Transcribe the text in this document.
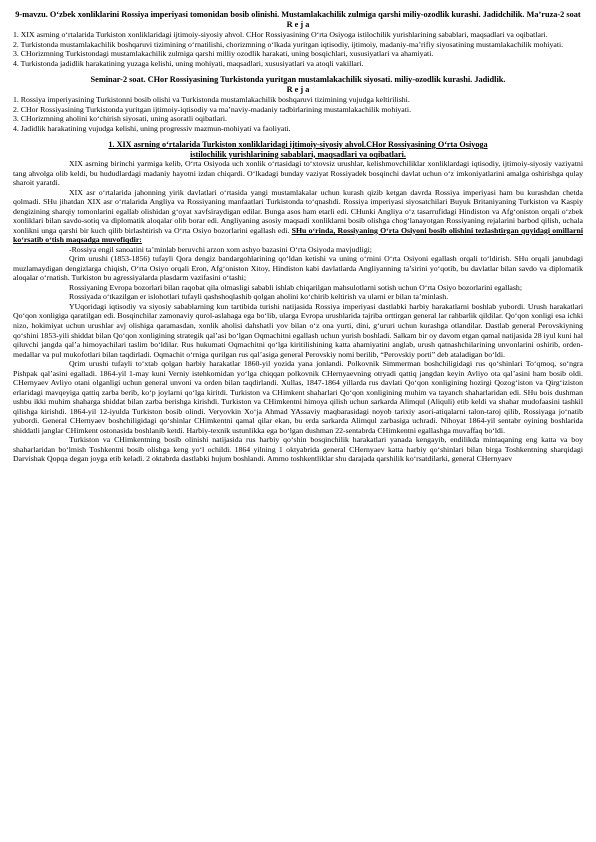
9-mavzu. O‘zbek xonliklarini Rossiya imperiyasi tomonidan bosib olinishi. Mustamlakachilik zulmiga qarshi miliy-ozodlik kurashi. Jadidchilik. Ma’ruza-2 soat

R e j a

1. XIX asrning o‘rtalarida Turkiston xonliklaridagi ijtimoiy-siyosiy ahvol. CHor Rossiyasining O‘rta Osiyoga istilochilik yurishlarining sabablari, maqsadlari va oqibatlari.

2. Turkistonda mustamlakachilik boshqaruvi tizimining o‘rnatilishi, chorizmning o‘lkada yuritgan iqtisodiy, ijtimoiy, madaniy-ma’rifiy siyosatining mustamlakachilik mohiyati.

3. CHorizmning Turkistondagi mustamlakachilik zulmiga qarshi milliy ozodlik harakati, uning bosqichlari, xususiyatlari va ahamiyati.

4. Turkistonda jadidlik harakatining yuzaga kelishi, uning mohiyati, maqsadlari, xususiyatlari va atoqli vakillari.

Seminar-2 soat. CHor Rossiyasining Turkistonda yuritgan mustamlakachilik siyosati. miliy-ozodlik kurashi. Jadidlik.

R e j a

1. Rossiya imperiyasining Turkistonni bosib olishi va Turkistonda mustamlakachilik boshqaruvi tizimining vujudga keltirilishi.

2. CHor Rossiyasining Turkistonda yuritgan ijtimoiy-iqtisodiy va ma’naviy-madaniy tadbirlarining mustamlakachilik mohiyati.

3. CHorizmning aholini ko‘chirish siyosati, uning asoratli oqibatlari.

4. Jadidlik harakatining vujudga kelishi, uning progressiv mazmun-mohiyati va faoliyati.

1. XIX asrning o‘rtalarida Turkiston xonliklaridagi ijtimoiy-siyosiy ahvol.CHor Rossiyasining O‘rta Osiyoga

istilochilik yurishlarining sabablari, maqsadlari va oqibatlari.

XIX asrning birinchi yarmiga kelib, O‘rta Osiyoda uch xonlik o‘rtasidagi to‘xtovsiz urushlar, kelishmovchiliklar xonliklardagi iqtisodiy, ijtimoiy-siyosiy vaziyatni tang ahvolga olib keldi, bu hududlardagi madaniy hayotni izdan chiqardi. O‘lkadagi bunday vaziyat Rossiyadek bosqinchi davlat uchun o‘z imkoniyatlarini amalga oshirishga qulay sharoit yaratdi.

XIX asr o‘rtalarida jahonning yirik davlatlari o‘rtasida yangi mustamlakalar uchun kurash qizib ketgan davrda Rossiya imperiyasi ham bu kurashdan chetda qolmadi. SHu jihatdan XIX asr o‘rtalarida Angliya va Rossiyaning manfaatlari Turkistonda to‘qnashdi. Rossiya imperiyasi siyosatchilari Buyuk Britaniyaning Turkiston va Kaspiy dengizining sharqiy tomonlarini egallab olishidan g‘oyat xavfsiraydigan edilar. Bunga asos ham etarli edi. CHunki Angliya o‘z tasarrufidagi Hindiston va Afg‘oniston orqali o‘zbek xonliklari bilan savdo-sotiq va diplomatik aloqalar olib borar edi. Angliyaning asosiy maqsadi xonliklarni bosib olishga chog‘lanayotgan Rossiyaning rejalarini barbod qilish, uchala xonlikni unga qarshi bir kuch qilib birlashtirish va O‘rta Osiyo bozorlarini egallash edi. SHu o‘rinda, Rossiyaning O‘rta Osiyoni bosib olishini tezlashtirgan quyidagi omillarni ko‘rsatib o‘tish maqsadga muvofiqdir:

-Rossiya engil sanoatini ta’minlab beruvchi arzon xom ashyo bazasini O‘rta Osiyoda mavjudligi;

Qrim urushi (1853-1856) tufayli Qora dengiz bandargohlarining qo‘ldan ketishi va uning o‘rnini O‘rta Osiyoni egallash orqali to‘ldirish. SHu orqali janubdagi muzlamaydigan dengizlarga chiqish, O‘rta Osiyo orqali Eron, Afg‘oniston Xitoy, Hindiston kabi davlatlarda Angliyanning ta’sirini yo‘qotib, bu davlatlar bilan savdo va diplomatik aloqalar o‘rnatish. Turkiston bu agressiyalarda plasdarm vazifasini o‘tashi;

Rossiyaning Evropa bozorlari bilan raqobat qila olmasligi sababli ishlab chiqarilgan mahsulotlarni sotish uchun O‘rta Osiyo bozorlarini egallash;

Rossiyada o‘tkazilgan er islohotlari tufayli qashshoqlashib qolgan aholini ko‘chirib keltirish va ularni er bilan ta’minlash.

YUqoridagi iqtisodiy va siyosiy sabablarning kun tartibida turishi natijasida Rossiya imperiyasi dastlabki harbiy harakatlarni boshlab yubordi. Urush harakatlari Qo‘qon xonligiga qaratilgan edi. Bosqinchilar zamonaviy qurol-aslahaga ega bo‘lib, ularga Evropa urushlarida tajriba orttirgan general lar rahbarlik qildilar. Qo‘qon xonligi esa ichki nizo, hokimiyat uchun urushlar avj olishiga qaramasdan, xonlik aholisi dahshatli yov bilan o‘z ona yurti, dini, g‘ururi uchun kurashga otlandilar. Dastlab general Perovskiyning qo‘shini 1853-yili shiddat bilan Qo‘qon xonligining strategik qal’asi bo‘lgan Oqmachitni egallash uchun yurish boshladi. Salkam bir oy davom etgan qamal natijasida 28 iyul kuni hal qiluvchi jangda qal’a himoyachilari taslim bo‘ldilar. Rus hukumati Oqmachitni qo‘lga kiritilishining katta ahamiyatini anglab, urush qatnashchilarining unvonlarini oshirib, orden-medallar va pul mukofotlari bilan taqdirladi. Oqmachit o‘rniga qurilgan rus qal’asiga general Perovskiy nomi berilib, “Perovskiy porti” deb ataladigan bo‘ldi.

Qrim urushi tufayli to‘xtab qolgan harbiy harakatlar 1860-yil yozida yana jonlandi. Polkovnik Simmerman boshchiligidagi rus qo‘shinlari To‘qmoq, so‘ngra Pishpak qal’asini egalladi. 1864-yil 1-may kuni Verniy istehkomidan yo‘lga chiqqan polkovnik CHernyaevning otryadi qattiq jangdan keyin Avliyo ota qal’asini ham bosib oldi. CHernyaev Avliyo otani olganligi uchun general unvoni va orden bilan taqdirlandi. Xullas, 1847-1864 yillarda rus davlati Qo‘qon xonligining hozirgi Qozog‘iston va Qirg‘iziston erlaridagi mavqeyiga qattiq zarba berib, ko‘p joylarni qo‘lga kiritdi. Turkiston va CHimkent shaharlari Qo‘qon xonligining muhim va tayanch shaharlaridan edi. SHu bois dushman ushbu ikki muhim shaharga shiddat bilan zarba berishga kirishdi. Turkiston va CHimkentni himoya qilish uchun sarkarda Alimqul (Aliquli) etib keldi va shahar mudofaasini tashkil qilishga kirishdi. 1864-yil 12-iyulda Turkiston bosib olindi. Veryovkin Xo‘ja Ahmad YAssaviy maqbarasidagi noyob tarixiy asori-atiqalarni talon-taroj qilib, Rossiyaga jo‘natib yubordi. General CHernyaev boshchiligidagi qo‘shinlar CHimkentni qamal qilar ekan, bu erda sarkarda Alimqul zarbasiga uchradi. Nihoyat 1864-yil sentabr oyining boshlarida shiddatli janglar CHimkent ostonasida boshlanib ketdi. Harbiy-texnik ustunlikka ega bo‘lgan dushman 22-sentabrda CHimkentni egallashga muvaffaq bo‘ldi.

Turkiston va CHimkentning bosib olinishi natijasida rus harbiy qo‘shin bosqinchilik harakatlari yanada kengayib, endilikda mintaqaning eng katta va boy shaharlaridan bo‘lmish Toshkentni bosib olishga keng yo‘l ochildi. 1864 yilning 1 oktyabrida general CHernyaev katta harbiy qo‘shinlari bilan birga Toshkentning sharqidagi Darvishak Qopqa degan joyga etib keladi. 2 oktabrda dastlabki hujum boshlandi. Ammo toshkentliklar shu darajada qarshilik ko‘rsatdilarki, general CHernyaev
